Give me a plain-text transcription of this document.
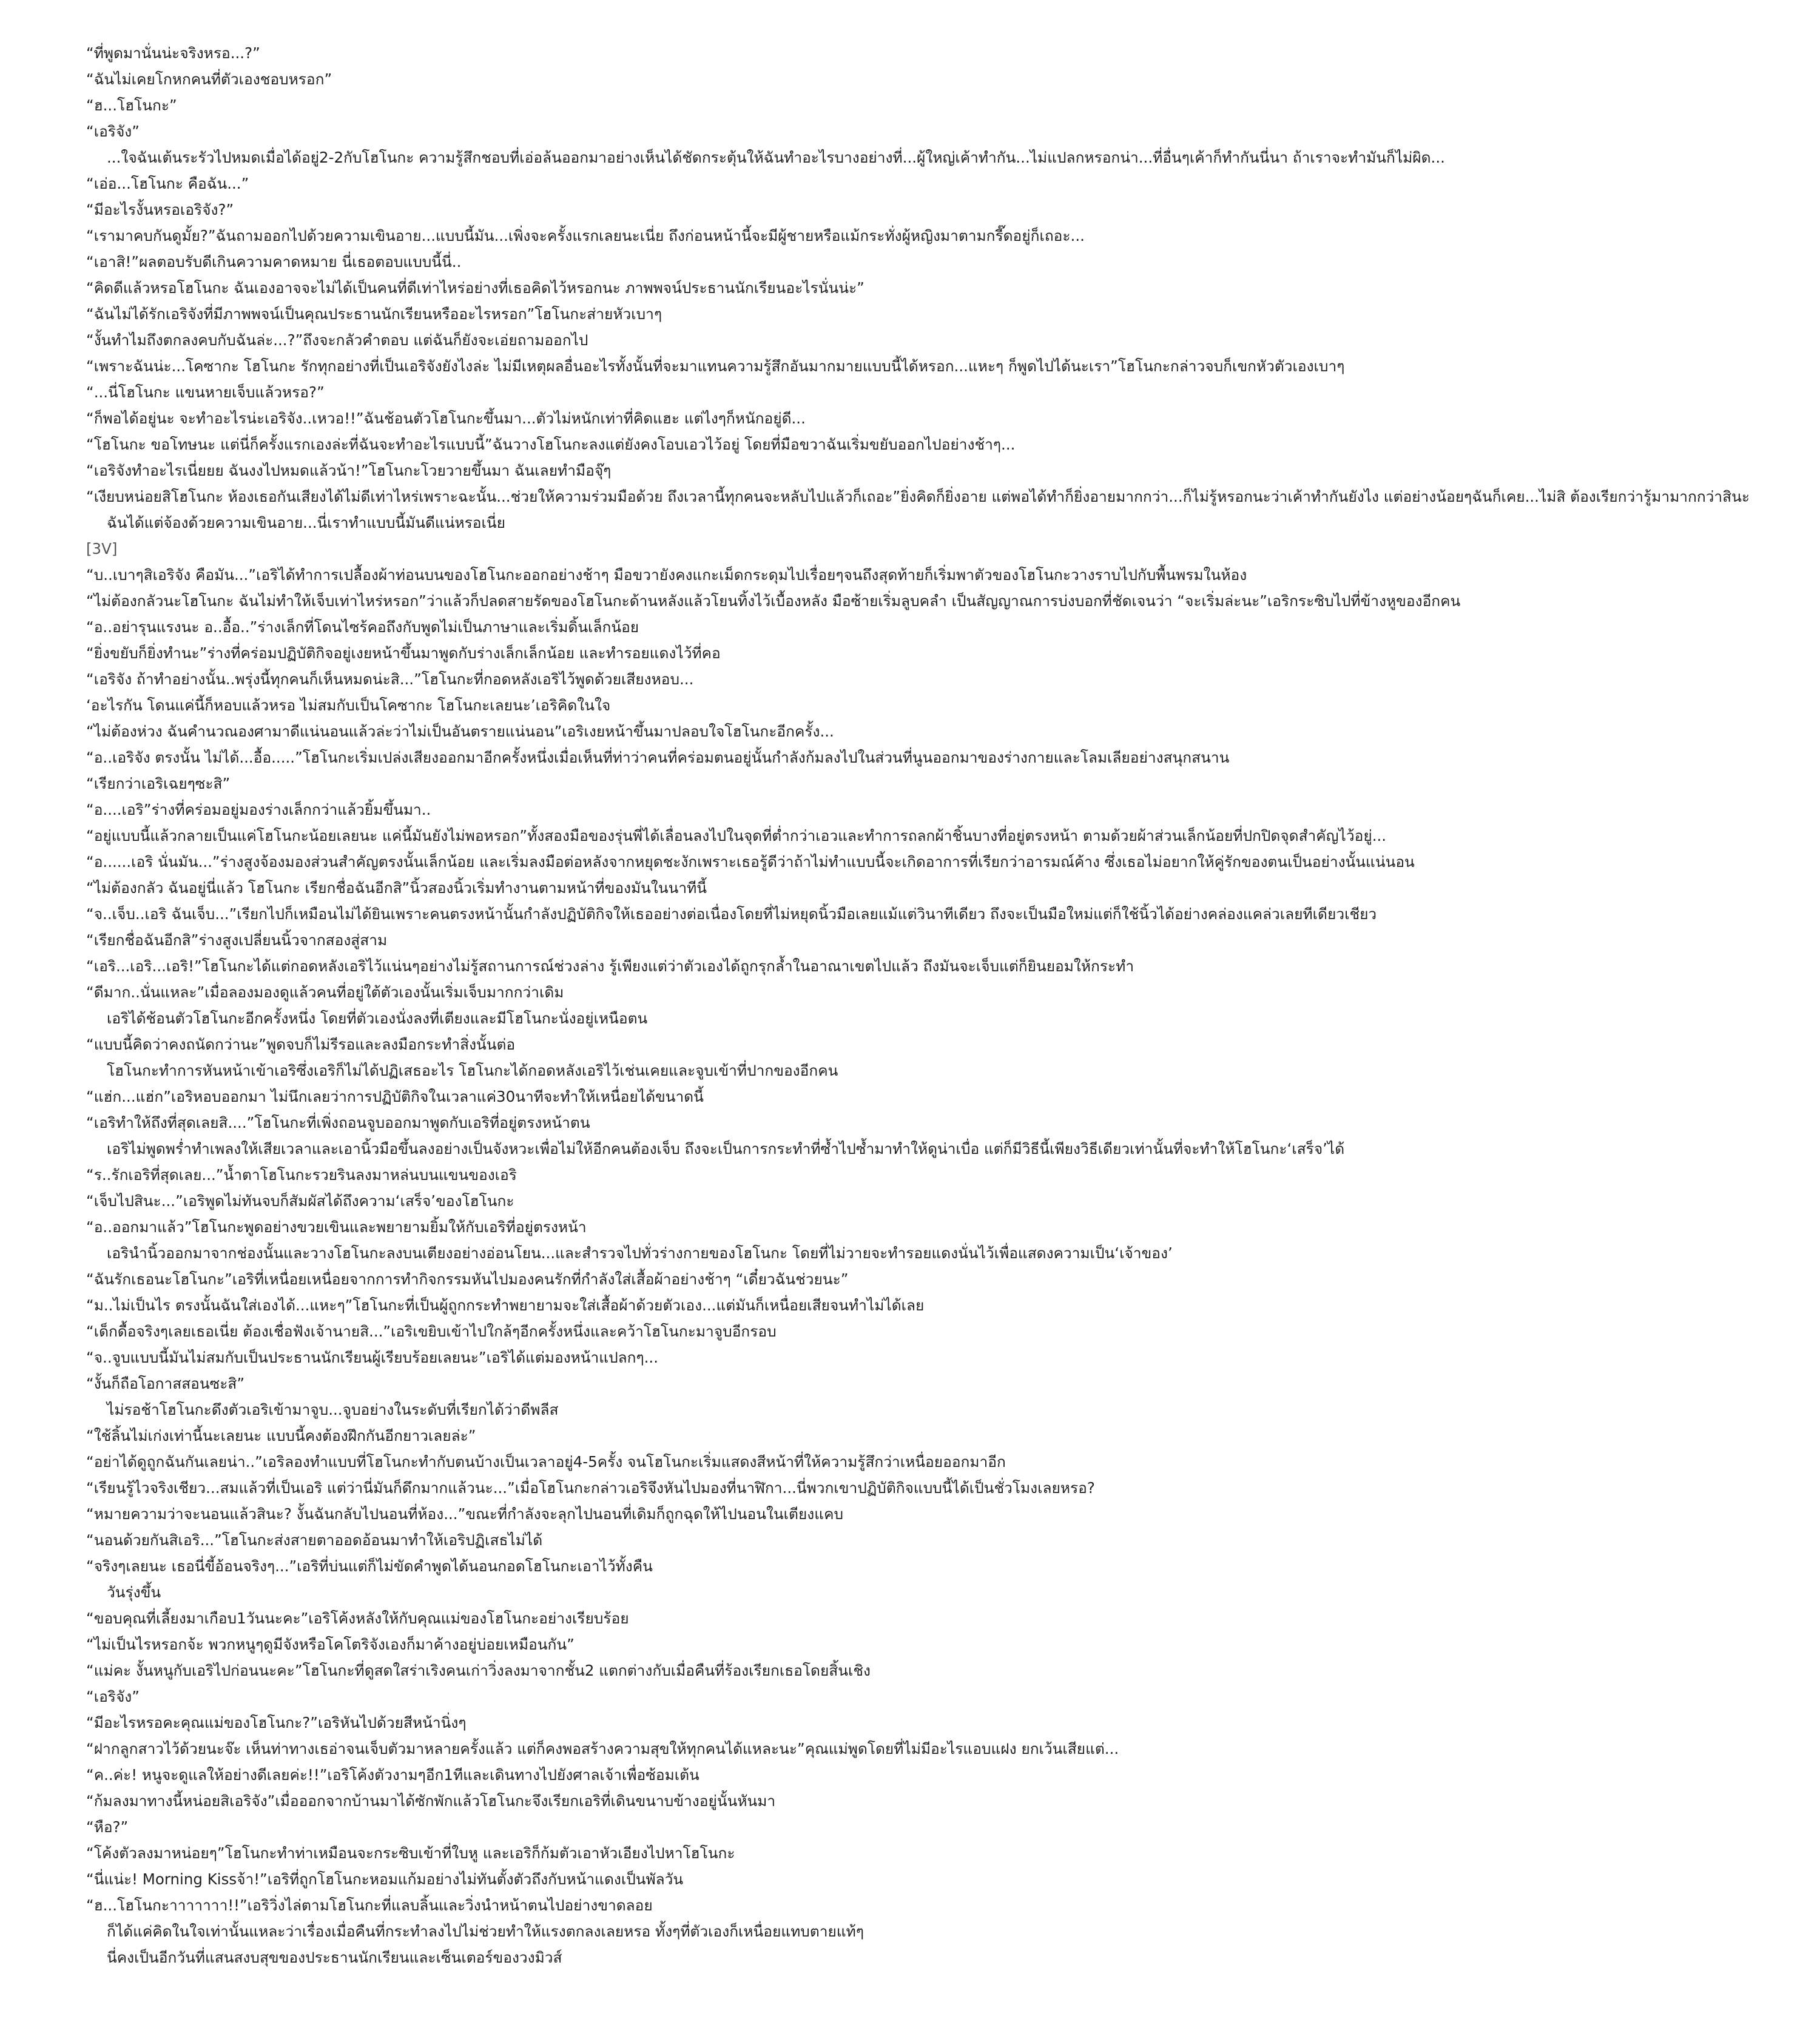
“ที่พูดมานั่นน่ะจริงหรอ...?”
“ฉันไม่เคยโกหกคนที่ตัวเองชอบหรอก”
“ฮ...โฮโนกะ”
“เอริจัง”
...ใจฉันเต้นระรัวไปหมดเมื่อได้อยู่2-2กับโฮโนกะ ความรู้สึกชอบที่เอ่อล้นออกมาอย่างเห็นได้ชัดกระตุ้นให้ฉันทำอะไรบางอย่างที่...ผู้ใหญ่เค้าทำกัน...ไม่แปลกหรอกน่า...ที่อื่นๆเค้าก็ทำกันนี่นา ถ้าเราจะทำมันก็ไม่ผิด...
“เอ่อ...โฮโนกะ คือฉัน...”
“มีอะไรงั้นหรอเอริจัง?”
“เรามาคบกันดูมั้ย?”ฉันถามออกไปด้วยความเขินอาย...แบบนี้มัน...เพิ่งจะครั้งแรกเลยนะเนี่ย ถึงก่อนหน้านี้จะมีผู้ชายหรือแม้กระทั่งผู้หญิงมาตามกรี๊ดอยู่ก็เถอะ...
“เอาสิ!”ผลตอบรับดีเกินความคาดหมาย นี่เธอตอบแบบนี้นี่..
“คิดดีแล้วหรอโฮโนกะ ฉันเองอาจจะไม่ได้เป็นคนที่ดีเท่าไหร่อย่างที่เธอคิดไว้หรอกนะ ภาพพจน์ประธานนักเรียนอะไรนั่นน่ะ”
“ฉันไม่ได้รักเอริจังที่มีภาพพจน์เป็นคุณประธานนักเรียนหรืออะไรหรอก”โฮโนกะส่ายหัวเบาๆ
“งั้นทำไมถึงตกลงคบกับฉันล่ะ...?”ถึงจะกลัวคำตอบ แต่ฉันก็ยังจะเอ่ยถามออกไป
“เพราะฉันน่ะ...โคซากะ โฮโนกะ รักทุกอย่างที่เป็นเอริจังยังไงล่ะ ไม่มีเหตุผลอื่นอะไรทั้งนั้นที่จะมาแทนความรู้สึกอันมากมายแบบนี้ได้หรอก...แหะๆ ก็พูดไปได้นะเรา”โฮโนกะกล่าวจบก็เขกหัวตัวเองเบาๆ
“...นี่โฮโนกะ แขนหายเจ็บแล้วหรอ?”
“ก็พอได้อยู่นะ จะทำอะไรน่ะเอริจัง..เหวอ!!”ฉันช้อนตัวโฮโนกะขึ้นมา...ตัวไม่หนักเท่าที่คิดแฮะ แต่ไงๆก็หนักอยู่ดี...
“โฮโนกะ ขอโทษนะ แต่นี่ก็ครั้งแรกเองล่ะที่ฉันจะทำอะไรแบบนี้”ฉันวางโฮโนกะลงแต่ยังคงโอบเอวไว้อยู่ โดยที่มือขวาฉันเริ่มขยับออกไปอย่างช้าๆ...
“เอริจังทำอะไรเนี่ยยย ฉันงงไปหมดแล้วน้า!”โฮโนกะโวยวายขึ้นมา ฉันเลยทำมือจุ๊ๆ
“เงียบหน่อยสิโฮโนกะ ห้องเธอกันเสียงได้ไม่ดีเท่าไหร่เพราะฉะนั้น...ช่วยให้ความร่วมมือด้วย ถึงเวลานี้ทุกคนจะหลับไปแล้วก็เถอะ”ยิ่งคิดก็ยิ่งอาย แต่พอได้ทำก็ยิ่งอายมากกว่า...ก็ไม่รู้หรอกนะว่าเค้าทำกันยังไง แต่อย่างน้อยๆฉันก็เคย...ไม่สิ ต้องเรียกว่ารู้มามากกว่าสินะ
ฉันได้แต่จ้องด้วยความเขินอาย...นี่เราทำแบบนี้มันดีแน่หรอเนี่ย
[3V]
“บ..เบาๆสิเอริจัง คือมัน...”เอริได้ทำการเปลื้องผ้าท่อนบนของโฮโนกะออกอย่างช้าๆ มือขวายังคงแกะเม็ดกระดุมไปเรื่อยๆจนถึงสุดท้ายก็เริ่มพาตัวของโฮโนกะวางราบไปกับพื้นพรมในห้อง
“ไม่ต้องกลัวนะโฮโนกะ ฉันไม่ทำให้เจ็บเท่าไหร่หรอก”ว่าแล้วก็ปลดสายรัดของโฮโนกะด้านหลังแล้วโยนทิ้งไว้เบื้องหลัง มือซ้ายเริ่มลูบคลำ เป็นสัญญาณการบ่งบอกที่ชัดเจนว่า “จะเริ่มล่ะนะ”เอริกระซิบไปที่ข้างหูของอีกคน
“อ..อย่ารุนแรงนะ อ..อื้อ..”ร่างเล็กที่โดนไซร้คอถึงกับพูดไม่เป็นภาษาและเริ่มดิ้นเล็กน้อย
“ยิ่งขยับก็ยิ่งทำนะ”ร่างที่คร่อมปฏิบัติกิจอยู่เงยหน้าขึ้นมาพูดกับร่างเล็กเล็กน้อย และทำรอยแดงไว้ที่คอ
“เอริจัง ถ้าทำอย่างนั้น..พรุ่งนี้ทุกคนก็เห็นหมดน่ะสิ...”โฮโนกะที่กอดหลังเอริไว้พูดด้วยเสียงหอบ...
‘อะไรกัน โดนแค่นี้ก็หอบแล้วหรอ ไม่สมกับเป็นโคซากะ โฮโนกะเลยนะ’เอริคิดในใจ
“ไม่ต้องห่วง ฉันคำนวณองศามาดีแน่นอนแล้วล่ะว่าไม่เป็นอันตรายแน่นอน”เอริเงยหน้าขึ้นมาปลอบใจโฮโนกะอีกครั้ง...
“อ..เอริจัง ตรงนั้น ไม่ได้...อื้อ.....”โฮโนกะเริ่มเปล่งเสียงออกมาอีกครั้งหนึ่งเมื่อเห็นที่ท่าว่าคนที่คร่อมตนอยู่นั้นกำลังก้มลงไปในส่วนที่นูนออกมาของร่างกายและโลมเลียอย่างสนุกสนาน
“เรียกว่าเอริเฉยๆซะสิ”
“อ....เอริ”ร่างที่คร่อมอยู่มองร่างเล็กกว่าแล้วยิ้มขึ้นมา..
“อยู่แบบนี้แล้วกลายเป็นแค่โฮโนกะน้อยเลยนะ แค่นี้มันยังไม่พอหรอก”ทั้งสองมือของรุ่นพี่ได้เลื่อนลงไปในจุดที่ต่ำกว่าเอวและทำการถลกผ้าชิ้นบางที่อยู่ตรงหน้า ตามด้วยผ้าส่วนเล็กน้อยที่ปกปิดจุดสำคัญไว้อยู่...
“อ......เอริ นั่นมัน...”ร่างสูงจ้องมองส่วนสำคัญตรงนั้นเล็กน้อย และเริ่มลงมือต่อหลังจากหยุดชะงักเพราะเธอรู้ดีว่าถ้าไม่ทำแบบนี้จะเกิดอาการที่เรียกว่าอารมณ์ค้าง ซึ่งเธอไม่อยากให้คู่รักของตนเป็นอย่างนั้นแน่นอน
“ไม่ต้องกลัว ฉันอยู่นี่แล้ว โฮโนกะ เรียกชื่อฉันอีกสิ”นิ้วสองนิ้วเริ่มทำงานตามหน้าที่ของมันในนาทีนี้
“จ..เจ็บ..เอริ ฉันเจ็บ...”เรียกไปก็เหมือนไม่ได้ยินเพราะคนตรงหน้านั้นกำลังปฏิบัติกิจให้เธออย่างต่อเนื่องโดยที่ไม่หยุดนิ้วมือเลยแม้แต่วินาทีเดียว ถึงจะเป็นมือใหม่แต่ก็ใช้นิ้วได้อย่างคล่องแคล่วเลยทีเดียวเชียว
“เรียกชื่อฉันอีกสิ”ร่างสูงเปลี่ยนนิ้วจากสองสู่สาม
“เอริ...เอริ...เอริ!”โฮโนกะได้แต่กอดหลังเอริไว้แน่นๆอย่างไม่รู้สถานการณ์ช่วงล่าง รู้เพียงแต่ว่าตัวเองได้ถูกรุกล้ำในอาณาเขตไปแล้ว ถึงมันจะเจ็บแต่ก็ยินยอมให้กระทำ
“ดีมาก..นั่นแหละ”เมื่อลองมองดูแล้วคนที่อยู่ใต้ตัวเองนั้นเริ่มเจ็บมากกว่าเดิม
เอริได้ช้อนตัวโฮโนกะอีกครั้งหนึ่ง โดยที่ตัวเองนั่งลงที่เตียงและมีโฮโนกะนั่งอยู่เหนือตน
“แบบนี้คิดว่าคงถนัดกว่านะ”พูดจบก็ไม่รีรอและลงมือกระทำสิ่งนั้นต่อ
โฮโนกะทำการหันหน้าเข้าเอริซึ่งเอริก็ไม่ได้ปฏิเสธอะไร โฮโนกะได้กอดหลังเอริไว้เช่นเคยและจูบเข้าที่ปากของอีกคน
“แฮ่ก...แฮ่ก”เอริหอบออกมา ไม่นึกเลยว่าการปฏิบัติกิจในเวลาแค่30นาทีจะทำให้เหนื่อยได้ขนาดนี้
“เอริทำให้ถึงที่สุดเลยสิ....”โฮโนกะที่เพิ่งถอนจูบออกมาพูดกับเอริที่อยู่ตรงหน้าตน
เอริไม่พูดพร่ำทำเพลงให้เสียเวลาและเอานิ้วมือขึ้นลงอย่างเป็นจังหวะเพื่อไม่ให้อีกคนต้องเจ็บ ถึงจะเป็นการกระทำที่ซ้ำไปซ้ำมาทำให้ดูน่าเบื่อ แต่ก็มีวิธีนี้เพียงวิธีเดียวเท่านั้นที่จะทำให้โฮโนกะ‘เสร็จ’ได้
“ร..รักเอริที่สุดเลย...”น้ำตาโฮโนกะรวยรินลงมาหล่นบนแขนของเอริ
“เจ็บไปสินะ...”เอริพูดไม่ทันจบก็สัมผัสได้ถึงความ‘เสร็จ’ของโฮโนกะ
“อ..ออกมาแล้ว”โฮโนกะพูดอย่างขวยเขินและพยายามยิ้มให้กับเอริที่อยู่ตรงหน้า
เอรินำนิ้วออกมาจากช่องนั้นและวางโฮโนกะลงบนเตียงอย่างอ่อนโยน...และสำรวจไปทั่วร่างกายของโฮโนกะ โดยที่ไม่วายจะทำรอยแดงนั่นไว้เพื่อแสดงความเป็น‘เจ้าของ’
“ฉันรักเธอนะโฮโนกะ”เอริที่เหนื่อยเหนื่อยจากการทำกิจกรรมหันไปมองคนรักที่กำลังใส่เสื้อผ้าอย่างช้าๆ “เดี๋ยวฉันช่วยนะ”
“ม..ไม่เป็นไร ตรงนั้นฉันใส่เองได้...แหะๆ”โฮโนกะที่เป็นผู้ถูกกระทำพยายามจะใส่เสื้อผ้าด้วยตัวเอง...แต่มันก็เหนื่อยเสียจนทำไม่ได้เลย
“เด็กดื้อจริงๆเลยเธอเนี่ย ต้องเชื่อฟังเจ้านายสิ...”เอริเขยิบเข้าไปใกล้ๆอีกครั้งหนึ่งและคว้าโฮโนกะมาจูบอีกรอบ
“จ..จูบแบบนี้มันไม่สมกับเป็นประธานนักเรียนผู้เรียบร้อยเลยนะ”เอริได้แต่มองหน้าแปลกๆ...
“งั้นก็ถือโอกาสสอนซะสิ”
ไม่รอช้าโฮโนกะดึงตัวเอริเข้ามาจูบ...จูบอย่างในระดับที่เรียกได้ว่าดีพลีส
“ใช้ลิ้นไม่เก่งเท่านี้นะเลยนะ แบบนี้คงต้องฝึกกันอีกยาวเลยล่ะ”
“อย่าได้ดูถูกฉันกันเลยน่า..”เอริลองทำแบบที่โฮโนกะทำกับตนบ้างเป็นเวลาอยู่4-5ครั้ง จนโฮโนกะเริ่มแสดงสีหน้าที่ให้ความรู้สึกว่าเหนื่อยออกมาอีก
“เรียนรู้ไวจริงเชียว...สมแล้วที่เป็นเอริ แต่ว่านี่มันก็ดึกมากแล้วนะ...”เมื่อโฮโนกะกล่าวเอริจึงหันไปมองที่นาฬิกา...นี่พวกเขาปฏิบัติกิจแบบนี้ได้เป็นชั่วโมงเลยหรอ?
“หมายความว่าจะนอนแล้วสินะ? งั้นฉันกลับไปนอนที่ห้อง...”ขณะที่กำลังจะลุกไปนอนที่เดิมก็ถูกฉุดให้ไปนอนในเตียงแคบ
“นอนด้วยกันสิเอริ...”โฮโนกะส่งสายตาออดอ้อนมาทำให้เอริปฏิเสธไม่ได้
“จริงๆเลยนะ เธอนี่ขี้อ้อนจริงๆ...”เอริที่บ่นแต่ก็ไม่ขัดคำพูดได้นอนกอดโฮโนกะเอาไว้ทั้งคืน
วันรุ่งขึ้น
“ขอบคุณที่เลี้ยงมาเกือบ1วันนะคะ”เอริโค้งหลังให้กับคุณแม่ของโฮโนกะอย่างเรียบร้อย
“ไม่เป็นไรหรอกจ้ะ พวกหนูๆดูมีจังหรือโคโตริจังเองก็มาค้างอยู่บ่อยเหมือนกัน”
“แม่คะ งั้นหนูกับเอริไปก่อนนะคะ”โฮโนกะที่ดูสดใสร่าเริงคนเก่าวิ่งลงมาจากชั้น2 แตกต่างกับเมื่อคืนที่ร้องเรียกเธอโดยสิ้นเชิง
“เอริจัง”
“มีอะไรหรอคะคุณแม่ของโฮโนกะ?”เอริหันไปด้วยสีหน้านิ่งๆ
“ฝากลูกสาวไว้ด้วยนะจ๊ะ เห็นท่าทางเธอ่าจนเจ็บตัวมาหลายครั้งแล้ว แต่ก็คงพอสร้างความสุขให้ทุกคนได้แหละนะ”คุณแม่พูดโดยที่ไม่มีอะไรแอบแฝง ยกเว้นเสียแต่...
“ค..ค่ะ! หนูจะดูแลให้อย่างดีเลยค่ะ!!”เอริโค้งตัวงามๆอีก1ทีและเดินทางไปยังศาลเจ้าเพื่อซ้อมเต้น
“ก้มลงมาทางนี้หน่อยสิเอริจัง”เมื่อออกจากบ้านมาได้ซักพักแล้วโฮโนกะจึงเรียกเอริที่เดินขนาบข้างอยู่นั้นหันมา
“หือ?”
“โค้งตัวลงมาหน่อยๆ”โฮโนกะทำท่าเหมือนจะกระซิบเข้าที่ใบหู และเอริก็ก้มตัวเอาหัวเอียงไปหาโฮโนกะ
“นี่แน่ะ! Morning Kissจ้า!”เอริที่ถูกโฮโนกะหอมแก้มอย่างไม่ทันตั้งตัวถึงกับหน้าแดงเป็นพัลวัน
“ฮ...โฮโนกะาาาาาาา!!”เอริวิ่งไล่ตามโฮโนกะที่แลบลิ้นและวิ่งนำหน้าตนไปอย่างขาดลอย
ก็ได้แค่คิดในใจเท่านั้นแหละว่าเรื่องเมื่อคืนที่กระทำลงไปไม่ช่วยทำให้แรงตกลงเลยหรอ ทั้งๆที่ตัวเองก็เหนื่อยแทบตายแท้ๆ
นี่คงเป็นอีกวันที่แสนสงบสุขของประธานนักเรียนและเซ็นเตอร์ของวงมิวส์
